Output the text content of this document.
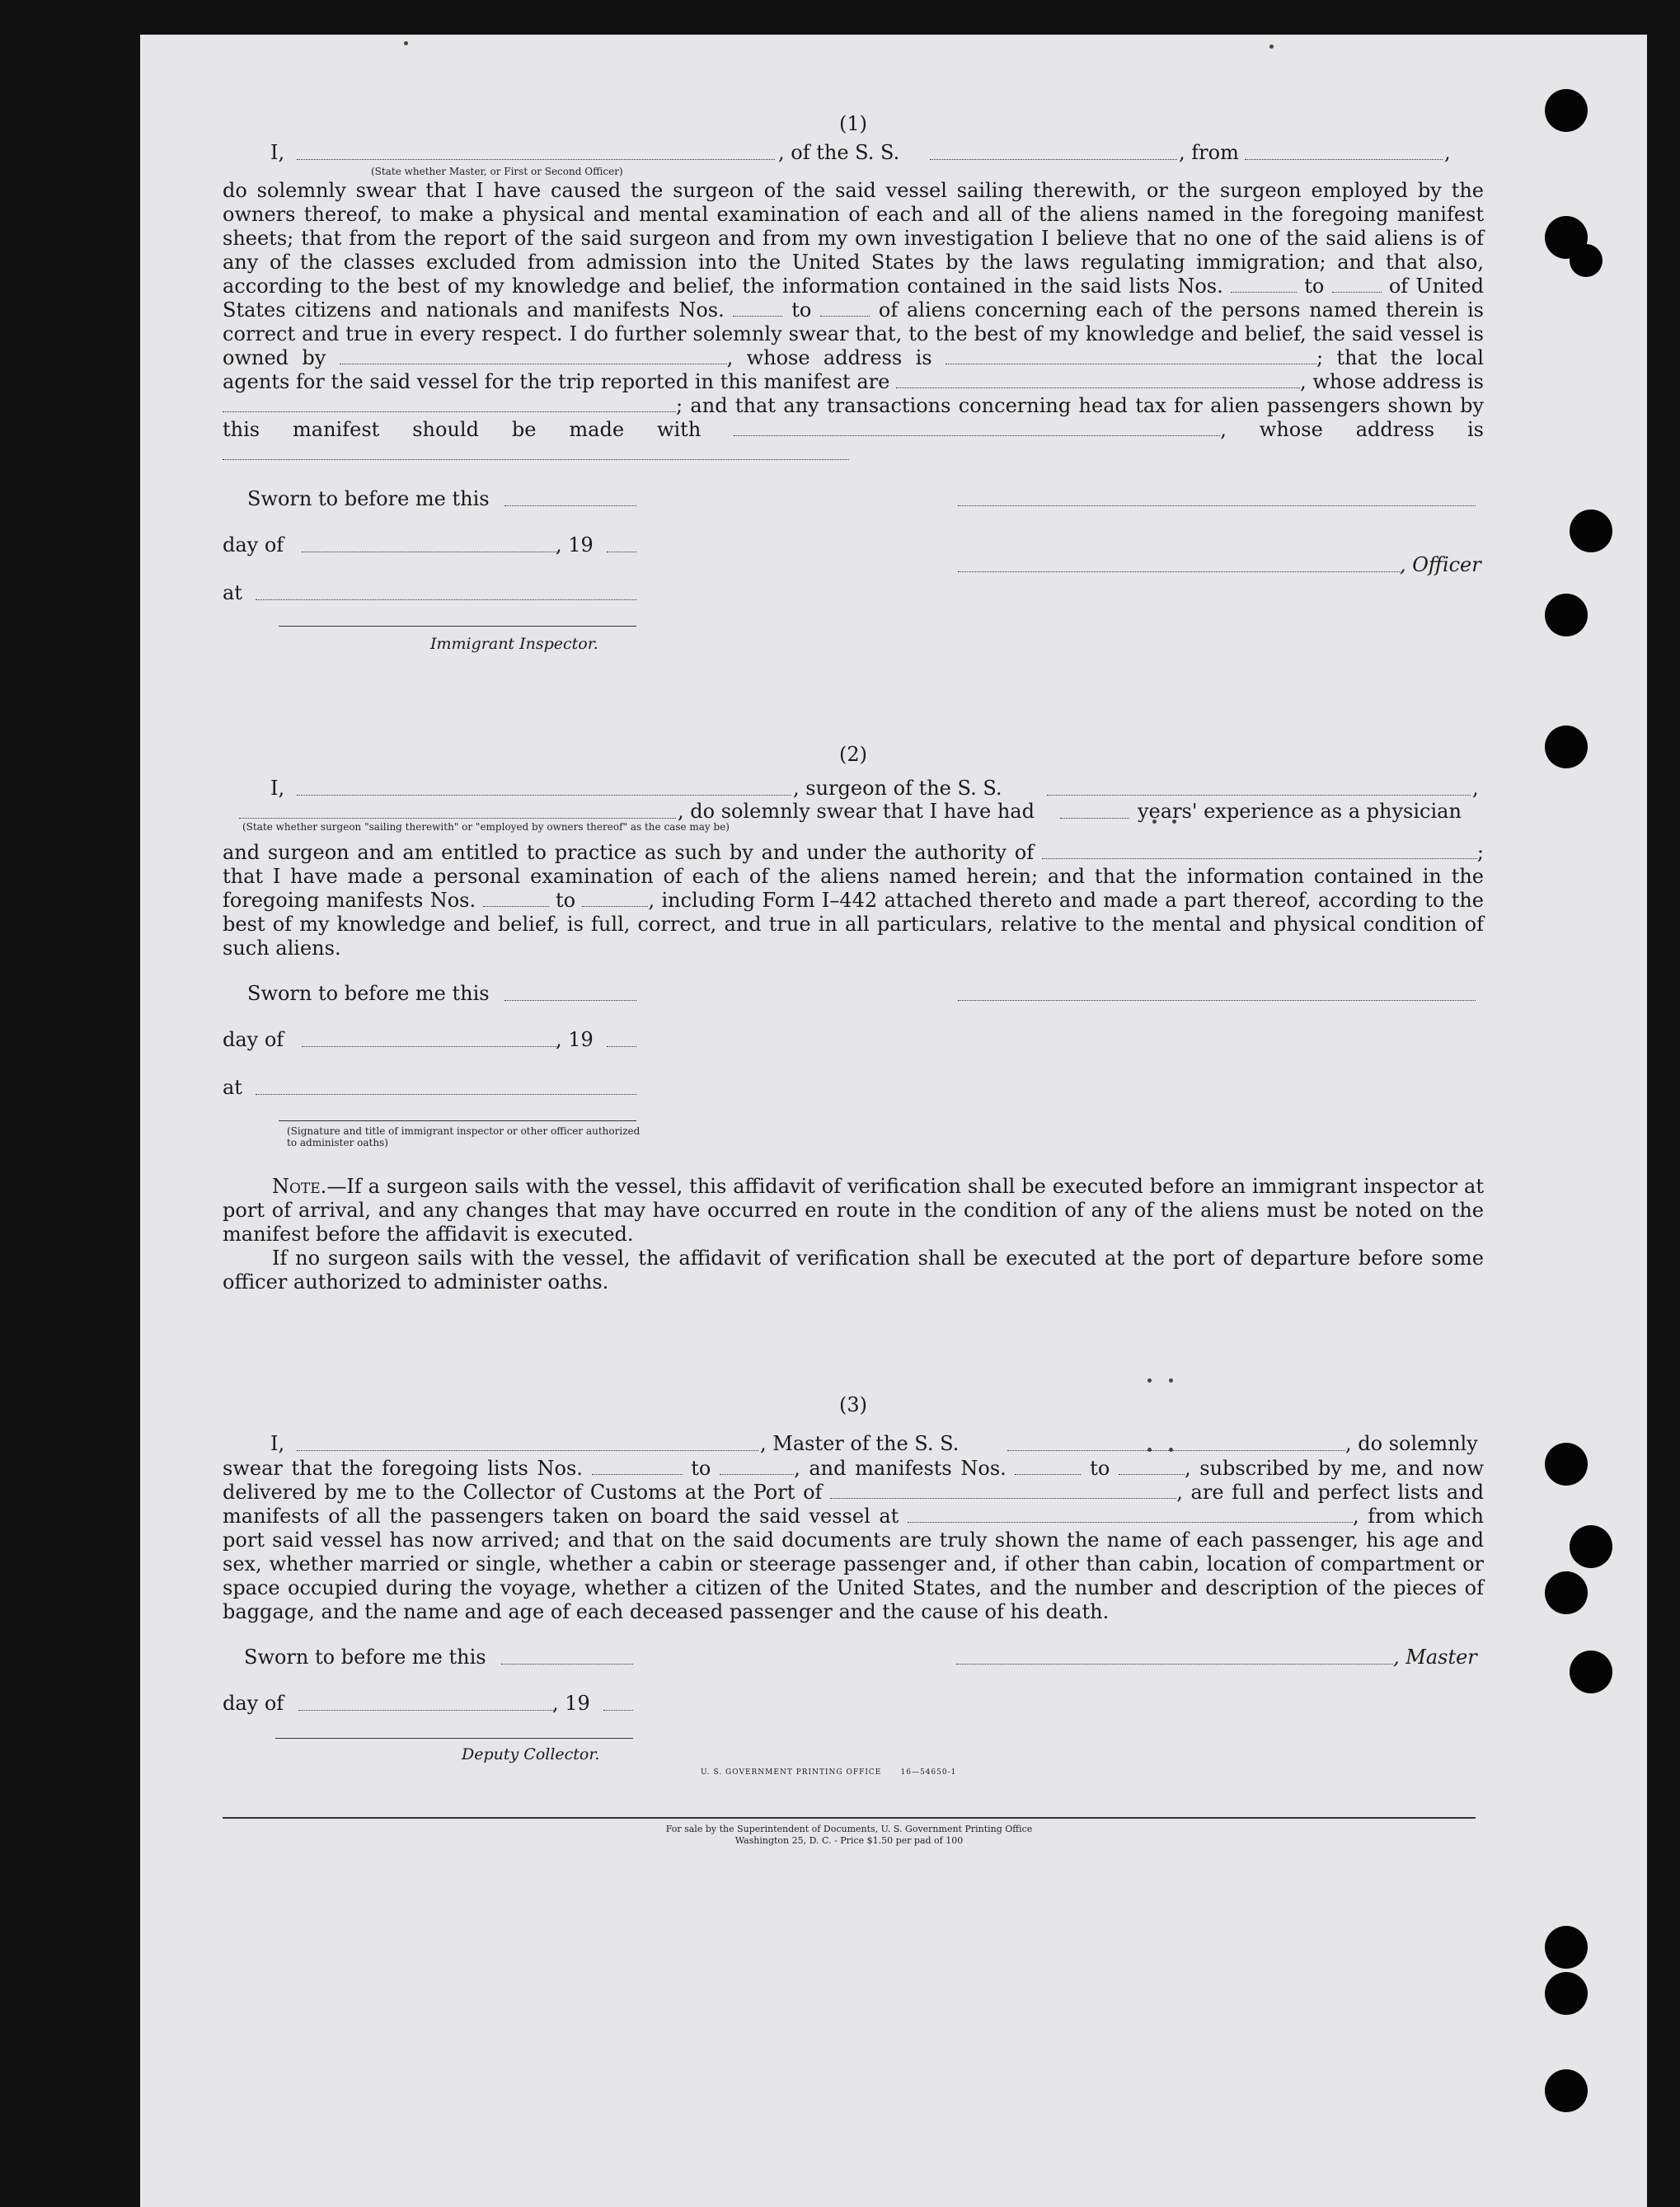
(1)

I,	, of the S. S.	, from	,
(State whether Master, or First or Second Officer)

do solemnly swear that I have caused the surgeon of the said vessel sailing therewith, or the surgeon employed by the owners thereof, to make a physical and mental examination of each and all of the aliens named in the foregoing manifest sheets; that from the report of the said surgeon and from my own investigation I believe that no one of the said aliens is of any of the classes excluded from admission into the United States by the laws regulating immigration; and that also, according to the best of my knowledge and belief, the information contained in the said lists Nos.	to	of United States citizens and nationals and manifests Nos.	to	of aliens concerning each of the persons named therein is correct and true in every respect. I do further solemnly swear that, to the best of my knowledge and belief, the said vessel is owned by	, whose address is	; that the local agents for the said vessel for the trip reported in this manifest are	, whose address is ; and that any transactions concerning head tax for alien passengers shown by this manifest should be made with	, whose address is

Sworn to before me this
day of	, 19
, Officer
at
Immigrant Inspector.

(2)

I,	, surgeon of the S. S.	,
, do solemnly swear that I have had	years' experience as a physician
(State whether surgeon "sailing therewith" or "employed by owners thereof" as the case may be)

and surgeon and am entitled to practice as such by and under the authority of	; that I have made a personal examination of each of the aliens named herein; and that the information contained in the foregoing manifests Nos.	to	, including Form I–442 attached thereto and made a part thereof, according to the best of my knowledge and belief, is full, correct, and true in all particulars, relative to the mental and physical condition of such aliens.

Sworn to before me this
day of	, 19
at
(Signature and title of immigrant inspector or other officer authorized to administer oaths)

Note.—If a surgeon sails with the vessel, this affidavit of verification shall be executed before an immigrant inspector at port of arrival, and any changes that may have occurred en route in the condition of any of the aliens must be noted on the manifest before the affidavit is executed.

If no surgeon sails with the vessel, the affidavit of verification shall be executed at the port of departure before some officer authorized to administer oaths.

(3)

I,	, Master of the S. S.	, do solemnly

swear that the foregoing lists Nos.	to	, and manifests Nos.	to	, subscribed by me, and now delivered by me to the Collector of Customs at the Port of	, are full and perfect lists and manifests of all the passengers taken on board the said vessel at	, from which port said vessel has now arrived; and that on the said documents are truly shown the name of each passenger, his age and sex, whether married or single, whether a cabin or steerage passenger and, if other than cabin, location of compartment or space occupied during the voyage, whether a citizen of the United States, and the number and description of the pieces of baggage, and the name and age of each deceased passenger and the cause of his death.

Sworn to before me this	, Master
day of	, 19
Deputy Collector.
U. S. GOVERNMENT PRINTING OFFICE      16—54650-1
For sale by the Superintendent of Documents, U. S. Government Printing Office
Washington 25, D. C. - Price $1.50 per pad of 100
